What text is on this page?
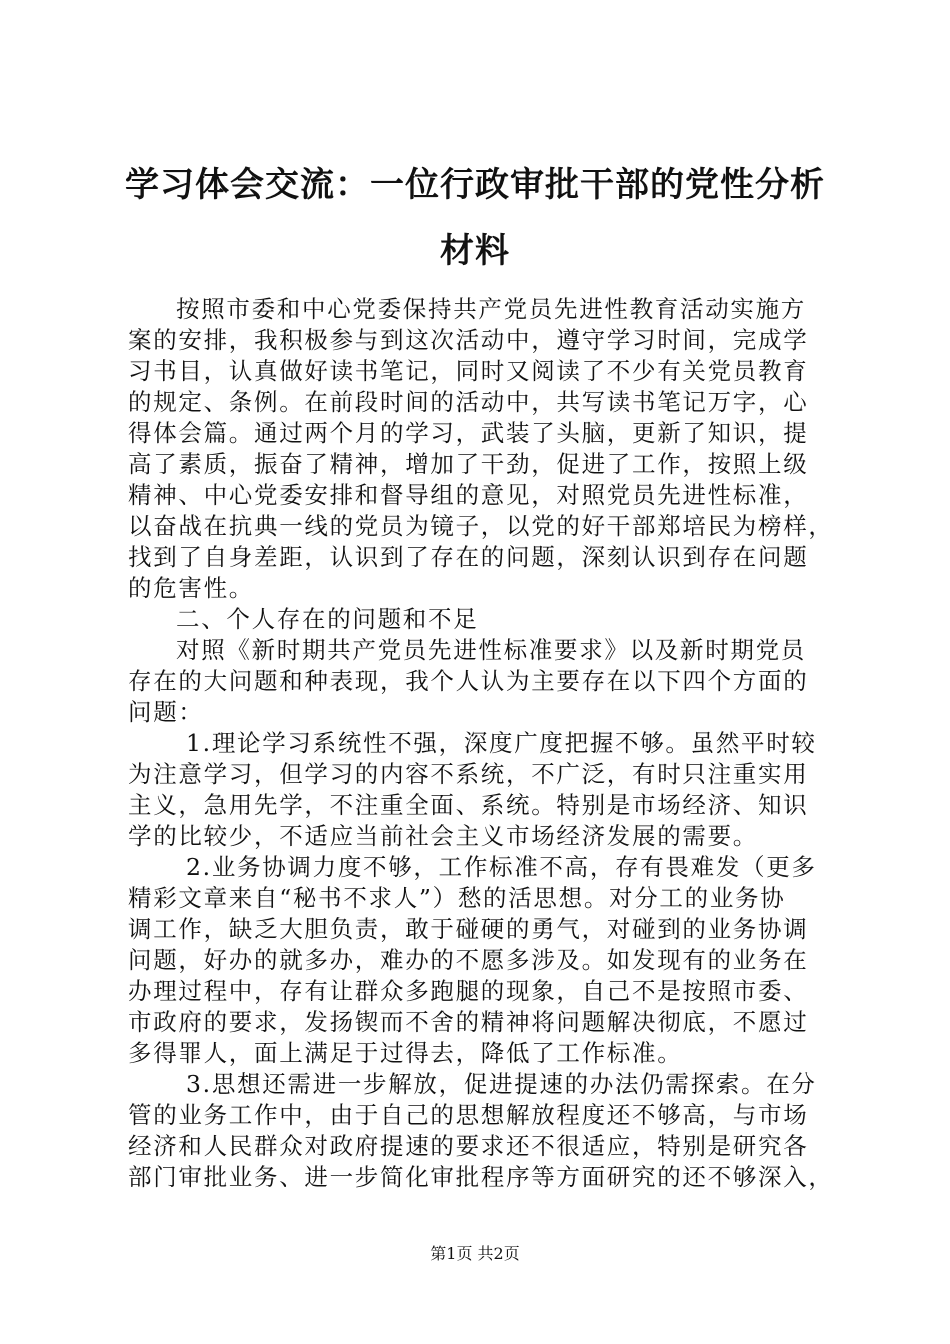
学习体会交流：一位行政审批干部的党性分析
材料
按照市委和中心党委保持共产党员先进性教育活动实施方
案的安排，我积极参与到这次活动中，遵守学习时间，完成学
习书目，认真做好读书笔记，同时又阅读了不少有关党员教育
的规定、条例。在前段时间的活动中，共写读书笔记万字，心
得体会篇。通过两个月的学习，武装了头脑，更新了知识，提
高了素质，振奋了精神，增加了干劲，促进了工作，按照上级
精神、中心党委安排和督导组的意见，对照党员先进性标准，
以奋战在抗典一线的党员为镜子，以党的好干部郑培民为榜样，
找到了自身差距，认识到了存在的问题，深刻认识到存在问题
的危害性。
二、个人存在的问题和不足
对照《新时期共产党员先进性标准要求》以及新时期党员
存在的大问题和种表现，我个人认为主要存在以下四个方面的
问题：
1.理论学习系统性不强，深度广度把握不够。虽然平时较
为注意学习，但学习的内容不系统，不广泛，有时只注重实用
主义，急用先学，不注重全面、系统。特别是市场经济、知识
学的比较少，不适应当前社会主义市场经济发展的需要。
2.业务协调力度不够，工作标准不高，存有畏难发（更多
精彩文章来自“秘书不求人”）愁的活思想。对分工的业务协
调工作，缺乏大胆负责，敢于碰硬的勇气，对碰到的业务协调
问题，好办的就多办，难办的不愿多涉及。如发现有的业务在
办理过程中，存有让群众多跑腿的现象，自己不是按照市委、
市政府的要求，发扬锲而不舍的精神将问题解决彻底，不愿过
多得罪人，面上满足于过得去，降低了工作标准。
3.思想还需进一步解放，促进提速的办法仍需探索。在分
管的业务工作中，由于自己的思想解放程度还不够高，与市场
经济和人民群众对政府提速的要求还不很适应，特别是研究各
部门审批业务、进一步简化审批程序等方面研究的还不够深入，
第1页 共2页
